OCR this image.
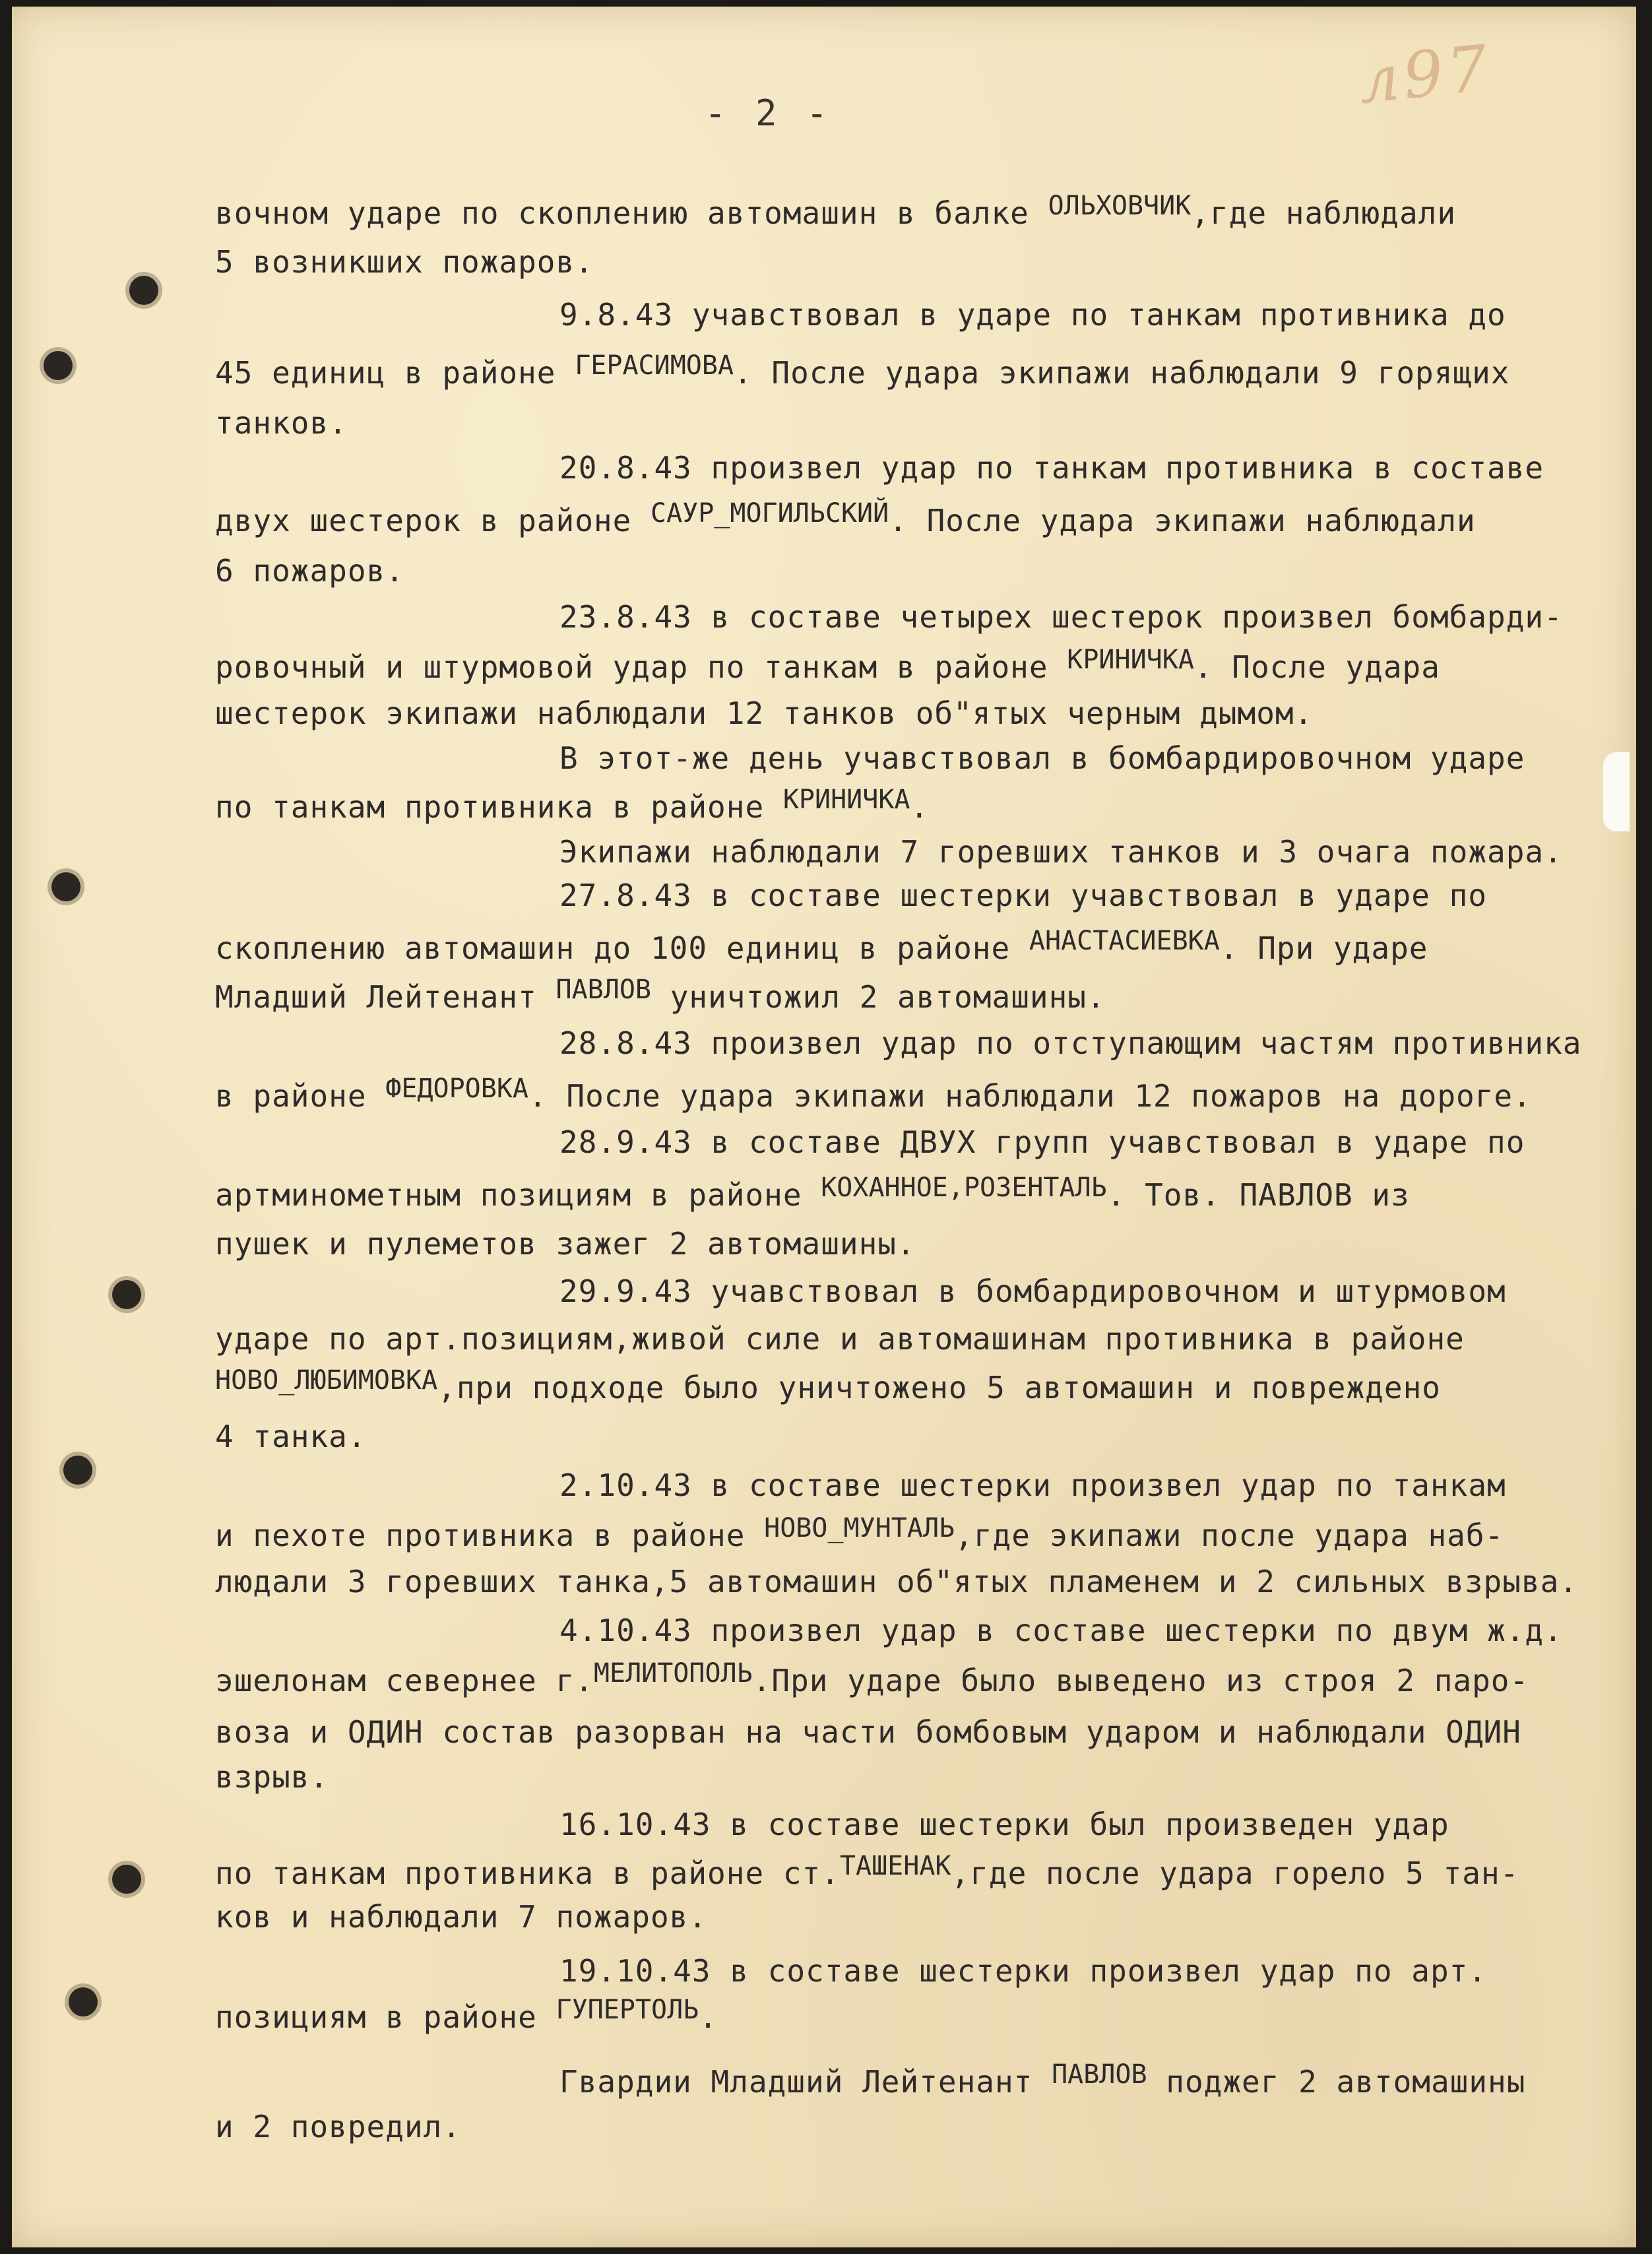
л97
- 2 -
вочном ударе по скоплению автомашин в балке ОЛЬХОВЧИК,где наблюдали
5 возникших пожаров.
9.8.43 учавствовал в ударе по танкам противника до
45 единиц в районе ГЕРАСИМОВА. После удара экипажи наблюдали 9 горящих
танков.
20.8.43 произвел удар по танкам противника в составе
двух шестерок в районе САУР_МОГИЛЬСКИЙ. После удара экипажи наблюдали
6 пожаров.
23.8.43 в составе четырех шестерок произвел бомбарди-
ровочный и штурмовой удар по танкам в районе КРИНИЧКА. После удара
шестерок экипажи наблюдали 12 танков об"ятых черным дымом.
В этот-же день учавствовал в бомбардировочном ударе
по танкам противника в районе КРИНИЧКА.
Экипажи наблюдали 7 горевших танков и 3 очага пожара.
27.8.43 в составе шестерки учавствовал в ударе по
скоплению автомашин до 100 единиц в районе АНАСТАСИЕВКА. При ударе
Младший Лейтенант ПАВЛОВ уничтожил 2 автомашины.
28.8.43 произвел удар по отступающим частям противника
в районе ФЕДОРОВКА. После удара экипажи наблюдали 12 пожаров на дороге.
28.9.43 в составе ДВУХ групп учавствовал в ударе по
артминометным позициям в районе КОХАННОЕ,РОЗЕНТАЛЬ. Тов. ПАВЛОВ из
пушек и пулеметов зажег 2 автомашины.
29.9.43 учавствовал в бомбардировочном и штурмовом
ударе по арт.позициям,живой силе и автомашинам противника в районе
НОВО_ЛЮБИМОВКА,при подходе было уничтожено 5 автомашин и повреждено
4 танка.
2.10.43 в составе шестерки произвел удар по танкам
и пехоте противника в районе НОВО_МУНТАЛЬ,где экипажи после удара наб-
людали 3 горевших танка,5 автомашин об"ятых пламенем и 2 сильных взрыва.
4.10.43 произвел удар в составе шестерки по двум ж.д.
эшелонам севернее г.МЕЛИТОПОЛЬ.При ударе было выведено из строя 2 паро-
воза и ОДИН состав разорван на части бомбовым ударом и наблюдали ОДИН
взрыв.
16.10.43 в составе шестерки был произведен удар
по танкам противника в районе ст.ТАШЕНАК,где после удара горело 5 тан-
ков и наблюдали 7 пожаров.
19.10.43 в составе шестерки произвел удар по арт.
позициям в районе ГУПЕРТОЛЬ.
Гвардии Младший Лейтенант ПАВЛОВ поджег 2 автомашины
и 2 повредил.
